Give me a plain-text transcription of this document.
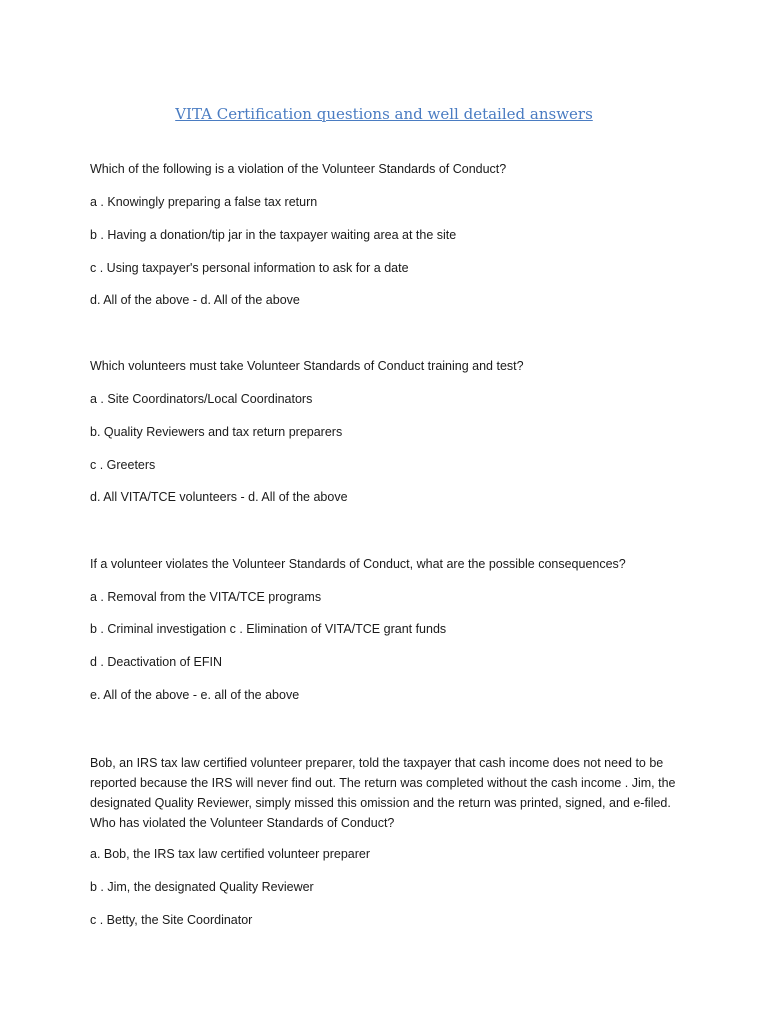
VITA Certification questions and well detailed answers
Which of the following is a violation of the Volunteer Standards of Conduct?
a . Knowingly preparing a false tax return
b . Having a donation/tip jar in the taxpayer waiting area at the site
c . Using taxpayer's personal information to ask for a date
d. All of the above - d. All of the above
Which volunteers must take Volunteer Standards of Conduct training and test?
a . Site Coordinators/Local Coordinators
b. Quality Reviewers and tax return preparers
c . Greeters
d. All VITA/TCE volunteers - d. All of the above
If a volunteer violates the Volunteer Standards of Conduct, what are the possible consequences?
a . Removal from the VITA/TCE programs
b . Criminal investigation c . Elimination of VITA/TCE grant funds
d . Deactivation of EFIN
e. All of the above - e. all of the above
Bob, an IRS tax law certified volunteer preparer, told the taxpayer that cash income does not need to be reported because the IRS will never find out. The return was completed without the cash income . Jim, the designated Quality Reviewer, simply missed this omission and the return was printed, signed, and e-filed. Who has violated the Volunteer Standards of Conduct?
a. Bob, the IRS tax law certified volunteer preparer
b . Jim, the designated Quality Reviewer
c . Betty, the Site Coordinator
